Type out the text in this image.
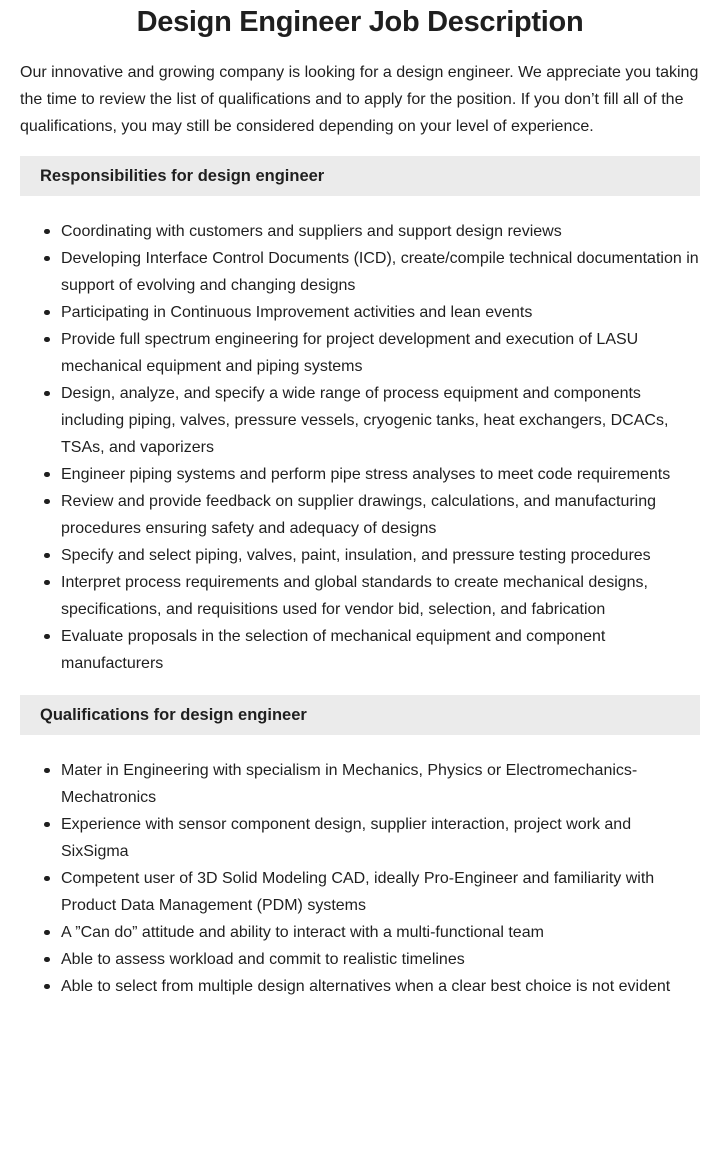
Design Engineer Job Description

Our innovative and growing company is looking for a design engineer. We appreciate you taking the time to review the list of qualifications and to apply for the position. If you don’t fill all of the qualifications, you may still be considered depending on your level of experience.

Responsibilities for design engineer
Coordinating with customers and suppliers and support design reviews
Developing Interface Control Documents (ICD), create/compile technical documentation in support of evolving and changing designs
Participating in Continuous Improvement activities and lean events
Provide full spectrum engineering for project development and execution of LASU mechanical equipment and piping systems
Design, analyze, and specify a wide range of process equipment and components including piping, valves, pressure vessels, cryogenic tanks, heat exchangers, DCACs, TSAs, and vaporizers
Engineer piping systems and perform pipe stress analyses to meet code requirements
Review and provide feedback on supplier drawings, calculations, and manufacturing procedures ensuring safety and adequacy of designs
Specify and select piping, valves, paint, insulation, and pressure testing procedures
Interpret process requirements and global standards to create mechanical designs, specifications, and requisitions used for vendor bid, selection, and fabrication
Evaluate proposals in the selection of mechanical equipment and component manufacturers
Qualifications for design engineer
Mater in Engineering with specialism in Mechanics, Physics or Electromechanics-Mechatronics
Experience with sensor component design, supplier interaction, project work and SixSigma
Competent user of 3D Solid Modeling CAD, ideally Pro-Engineer and familiarity with Product Data Management (PDM) systems
A ”Can do” attitude and ability to interact with a multi-functional team
Able to assess workload and commit to realistic timelines
Able to select from multiple design alternatives when a clear best choice is not evident
